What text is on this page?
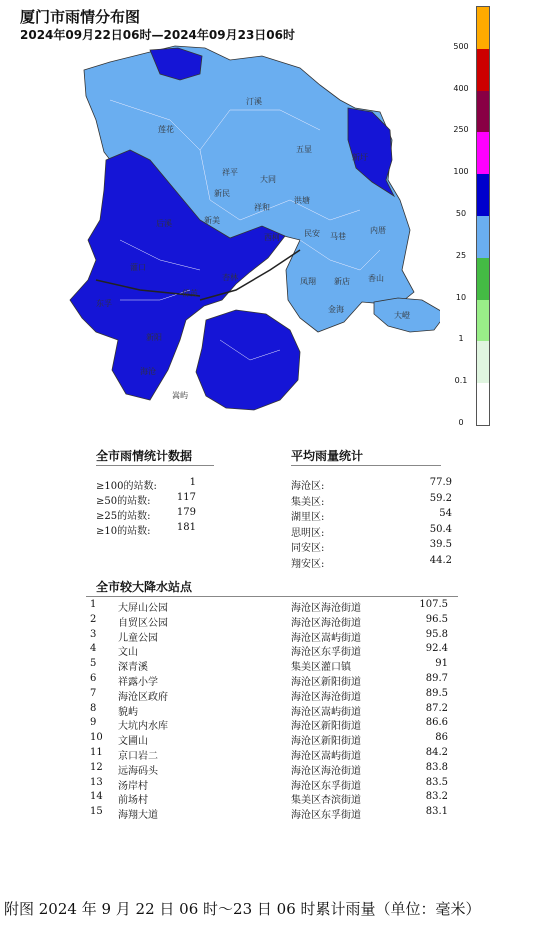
厦门市雨情分布图
2024年09月22日06时—2024年09月23日06时
汀溪
莲花
五显
新圩
祥平
大同
新民
祥和
洪塘
新美
内厝
西柯	民安 马巷
灌口
凤翔 新店 香山
金海
大嶝
后溪
杏林
侨英
东孚
海沧
嵩屿
新阳
500
400
250
100
50
25
10
1
0.1
0
全市雨情统计数据	平均雨量统计
≥100的站数:	1
≥50的站数:	117
≥25的站数:	179
≥10的站数:	181
海沧区:	77.9
集美区:	59.2
湖里区:	54
思明区:	50.4
同安区:	39.5
翔安区:	44.2
全市较大降水站点
1 大屏山公园	海沧区海沧街道	107.5
2 自贸区公园	海沧区海沧街道	96.5
3 儿童公园	海沧区嵩屿街道	95.8
4 文山	海沧区东孚街道	92.4
5 深青溪	集美区灌口镇	91
6 祥露小学	海沧区新阳街道	89.7
7 海沧区政府	海沧区海沧街道	89.5
8 貌屿	海沧区嵩屿街道	87.2
9 大坑内水库	海沧区新阳街道	86.6
10 文圃山	海沧区新阳街道	86
11 京口岩二	海沧区嵩屿街道	84.2
12 远海码头	海沧区海沧街道	83.8
13 汤岸村	海沧区东孚街道	83.5
14 前场村	集美区杏滨街道	83.2
15 海翔大道	海沧区东孚街道	83.1
附图 2024 年 9 月 22 日 06 时～23 日 06 时累计雨量（单位：毫米）
